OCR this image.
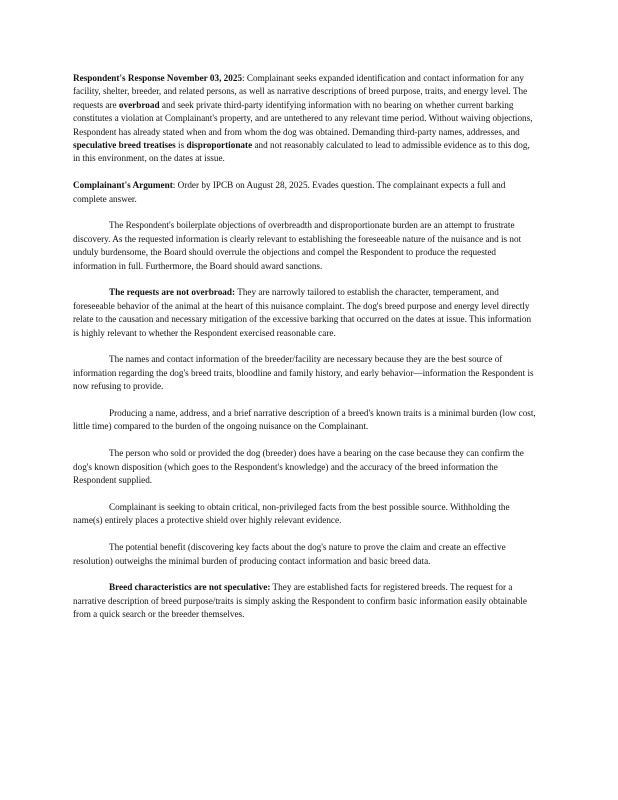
Respondent's Response November 03, 2025: Complainant seeks expanded identification and contact information for any facility, shelter, breeder, and related persons, as well as narrative descriptions of breed purpose, traits, and energy level. The requests are overbroad and seek private third-party identifying information with no bearing on whether current barking constitutes a violation at Complainant's property, and are untethered to any relevant time period. Without waiving objections, Respondent has already stated when and from whom the dog was obtained. Demanding third-party names, addresses, and speculative breed treatises is disproportionate and not reasonably calculated to lead to admissible evidence as to this dog, in this environment, on the dates at issue.

Complainant's Argument: Order by IPCB on August 28, 2025. Evades question. The complainant expects a full and complete answer.

The Respondent's boilerplate objections of overbreadth and disproportionate burden are an attempt to frustrate discovery. As the requested information is clearly relevant to establishing the foreseeable nature of the nuisance and is not unduly burdensome, the Board should overrule the objections and compel the Respondent to produce the requested information in full. Furthermore, the Board should award sanctions.

The requests are not overbroad: They are narrowly tailored to establish the character, temperament, and foreseeable behavior of the animal at the heart of this nuisance complaint. The dog's breed purpose and energy level directly relate to the causation and necessary mitigation of the excessive barking that occurred on the dates at issue. This information is highly relevant to whether the Respondent exercised reasonable care.

The names and contact information of the breeder/facility are necessary because they are the best source of information regarding the dog's breed traits, bloodline and family history, and early behavior—information the Respondent is now refusing to provide.

Producing a name, address, and a brief narrative description of a breed's known traits is a minimal burden (low cost, little time) compared to the burden of the ongoing nuisance on the Complainant.

The person who sold or provided the dog (breeder) does have a bearing on the case because they can confirm the dog's known disposition (which goes to the Respondent's knowledge) and the accuracy of the breed information the Respondent supplied.

Complainant is seeking to obtain critical, non-privileged facts from the best possible source. Withholding the name(s) entirely places a protective shield over highly relevant evidence.

The potential benefit (discovering key facts about the dog's nature to prove the claim and create an effective resolution) outweighs the minimal burden of producing contact information and basic breed data.

Breed characteristics are not speculative: They are established facts for registered breeds. The request for a narrative description of breed purpose/traits is simply asking the Respondent to confirm basic information easily obtainable from a quick search or the breeder themselves.
